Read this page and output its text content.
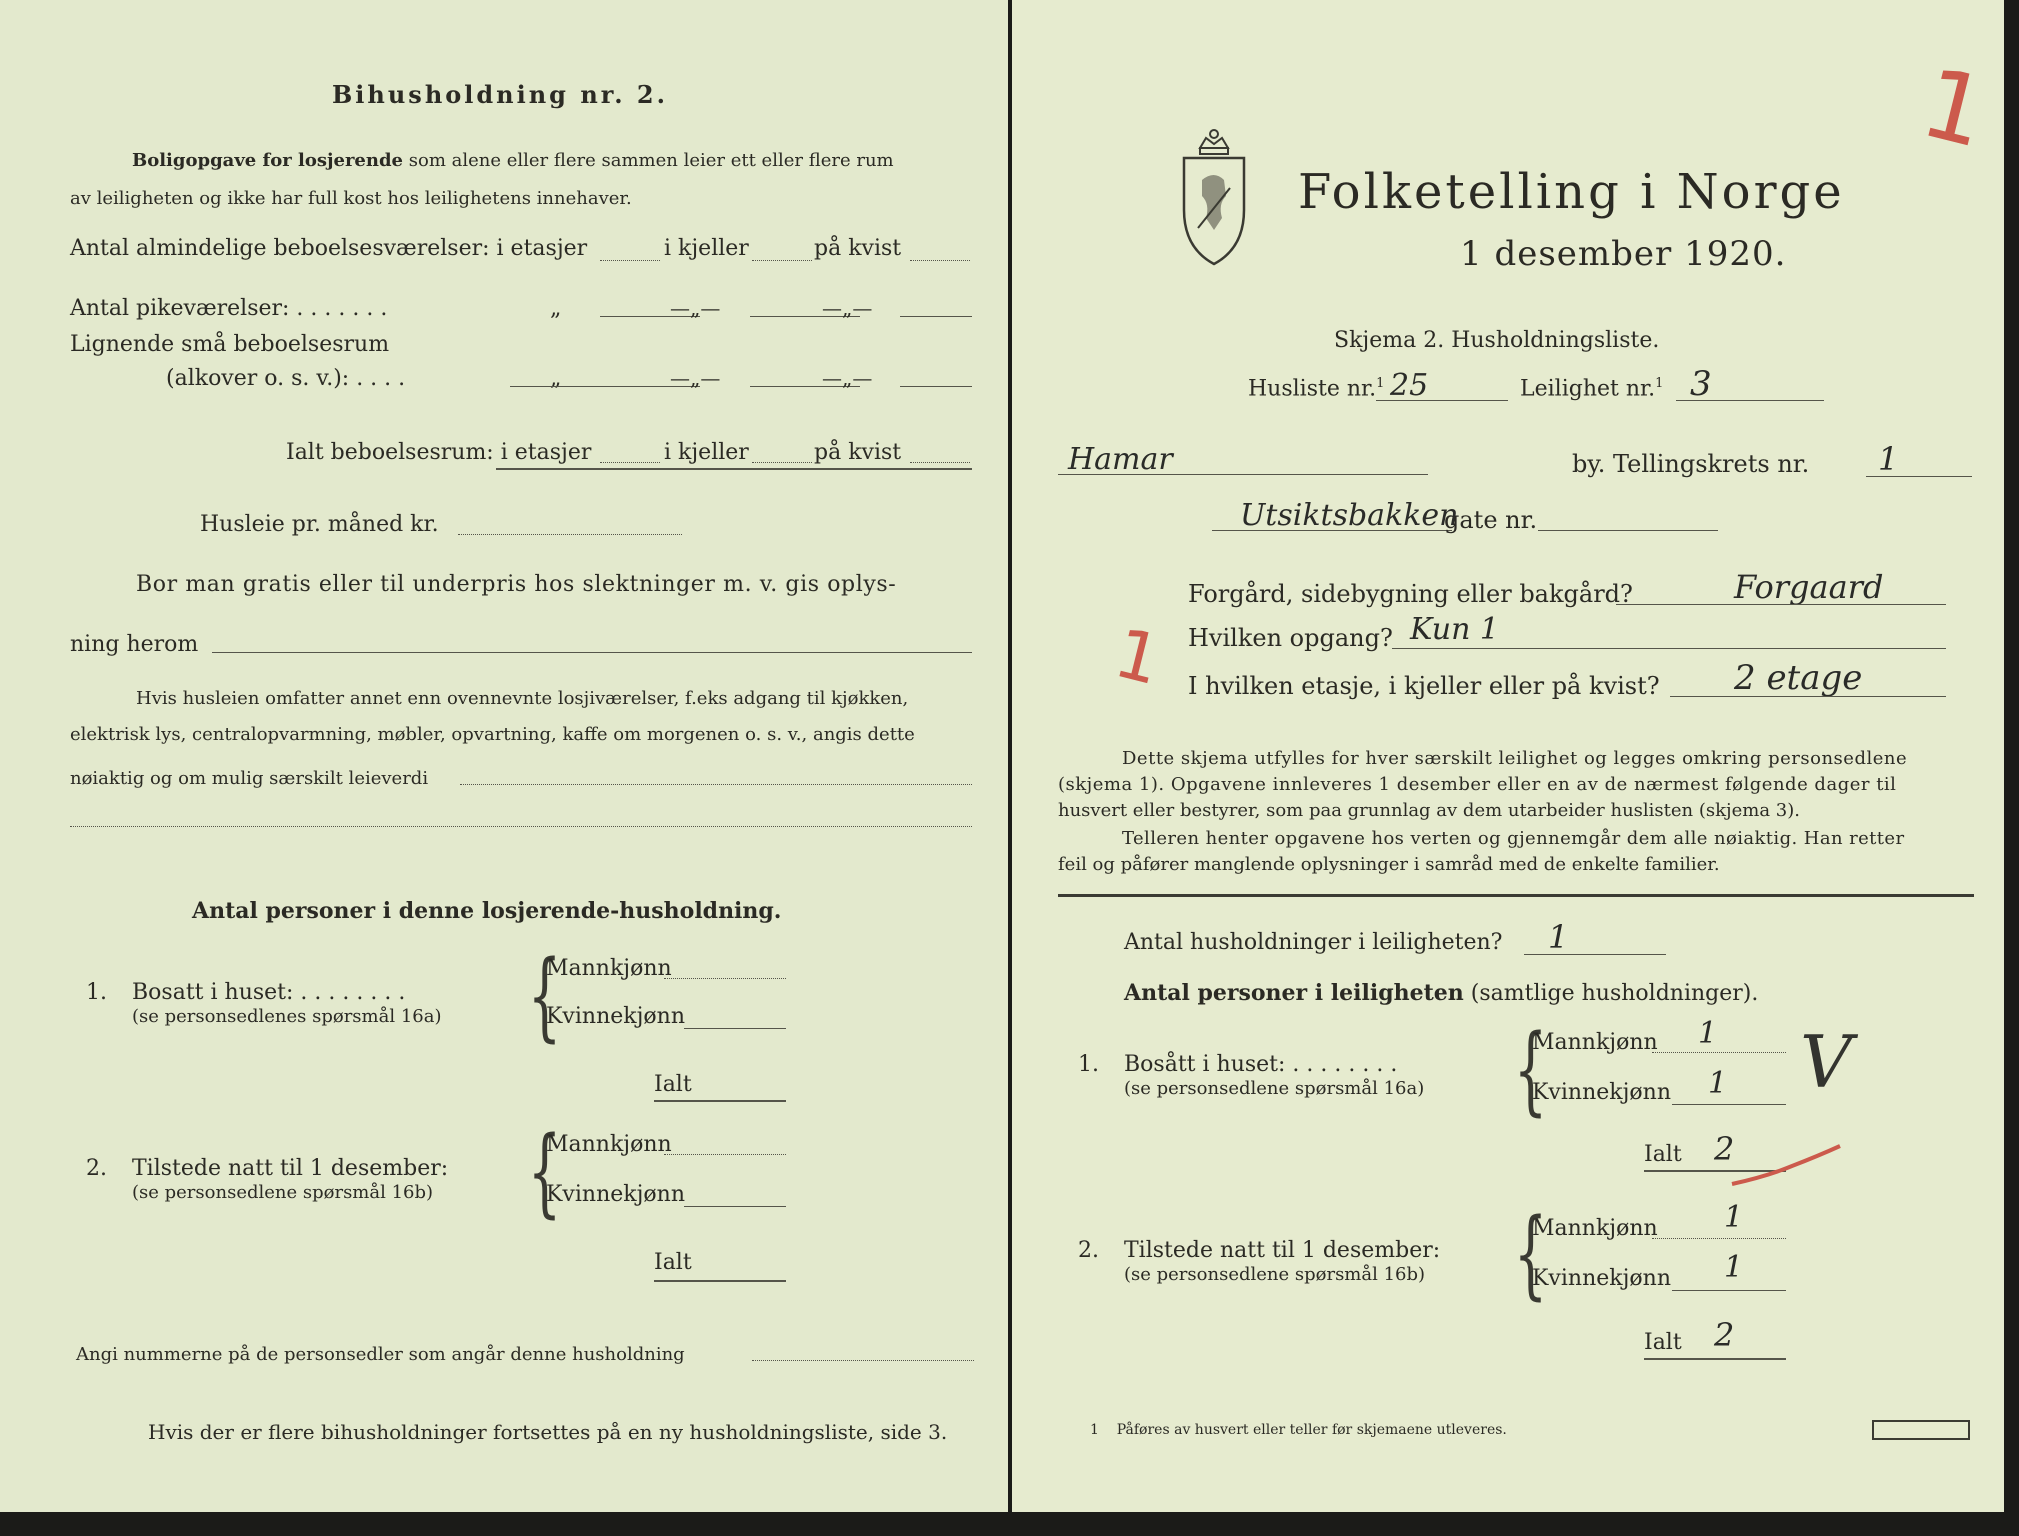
Bihusholdning nr. 2.
Boligopgave for losjerende som alene eller flere sammen leier ett eller flere rum
av leiligheten og ikke har full kost hos leilighetens innehaver.
Antal almindelige beboelsesværelser: i etasjer	i kjeller	på kvist
Antal pikeværelser: . . . . . . .	„	—„—	—„—
Lignende små beboelsesrum
(alkover o. s. v.): . . . .	„	—„—	—„—
Ialt beboelsesrum: i etasjer	i kjeller	på kvist
Husleie pr. måned kr.
Bor man gratis eller til underpris hos slektninger m. v. gis oplys-
ning herom
Hvis husleien omfatter annet enn ovennevnte losjiværelser, f.eks adgang til kjøkken,
elektrisk lys, centralopvarmning, møbler, opvartning, kaffe om morgenen o. s. v., angis dette
nøiaktig og om mulig særskilt leieverdi
Antal personer i denne losjerende-husholdning.
1. Bosatt i huset: . . . . . . . .
(se personsedlenes spørsmål 16a) {
Mannkjønn
Kvinnekjønn
Ialt
2. Tilstede natt til 1 desember:
(se personsedlene spørsmål 16b) {
Mannkjønn
Kvinnekjønn
Ialt
Angi nummerne på de personsedler som angår denne husholdning
Hvis der er flere bihusholdninger fortsettes på en ny husholdningsliste, side 3.
Folketelling i Norge
1 desember 1920.
Skjema 2. Husholdningsliste.
Husliste nr.$^1$ 25	Leilighet nr.$^1$ 3
Hamar	by. Tellingskrets nr. 1
Utsiktsbakken
gate nr.
Forgård, sidebygning eller bakgård?	Forgaard
Hvilken opgang? Kun 1
I hvilken etasje, i kjeller eller på kvist? 2 etage
Dette skjema utfylles for hver særskilt leilighet og legges omkring personsedlene
(skjema 1). Opgavene innleveres 1 desember eller en av de nærmest følgende dager til
husvert eller bestyrer, som paa grunnlag av dem utarbeider huslisten (skjema 3).
Telleren henter opgavene hos verten og gjennemgår dem alle nøiaktig. Han retter
feil og påfører manglende oplysninger i samråd med de enkelte familier.
Antal husholdninger i leiligheten? 1
Antal personer i leiligheten (samtlige husholdninger).
1. Bosått i huset: . . . . . . . .
(se personsedlene spørsmål 16a) {
Mannkjønn 1
Kvinnekjønn 1
Ialt 2
2. Tilstede natt til 1 desember:
(se personsedlene spørsmål 16b) {
Mannkjønn 1
Kvinnekjønn 1
Ialt 2
1 Påføres av husvert eller teller før skjemaene utleveres.
1
1
V
